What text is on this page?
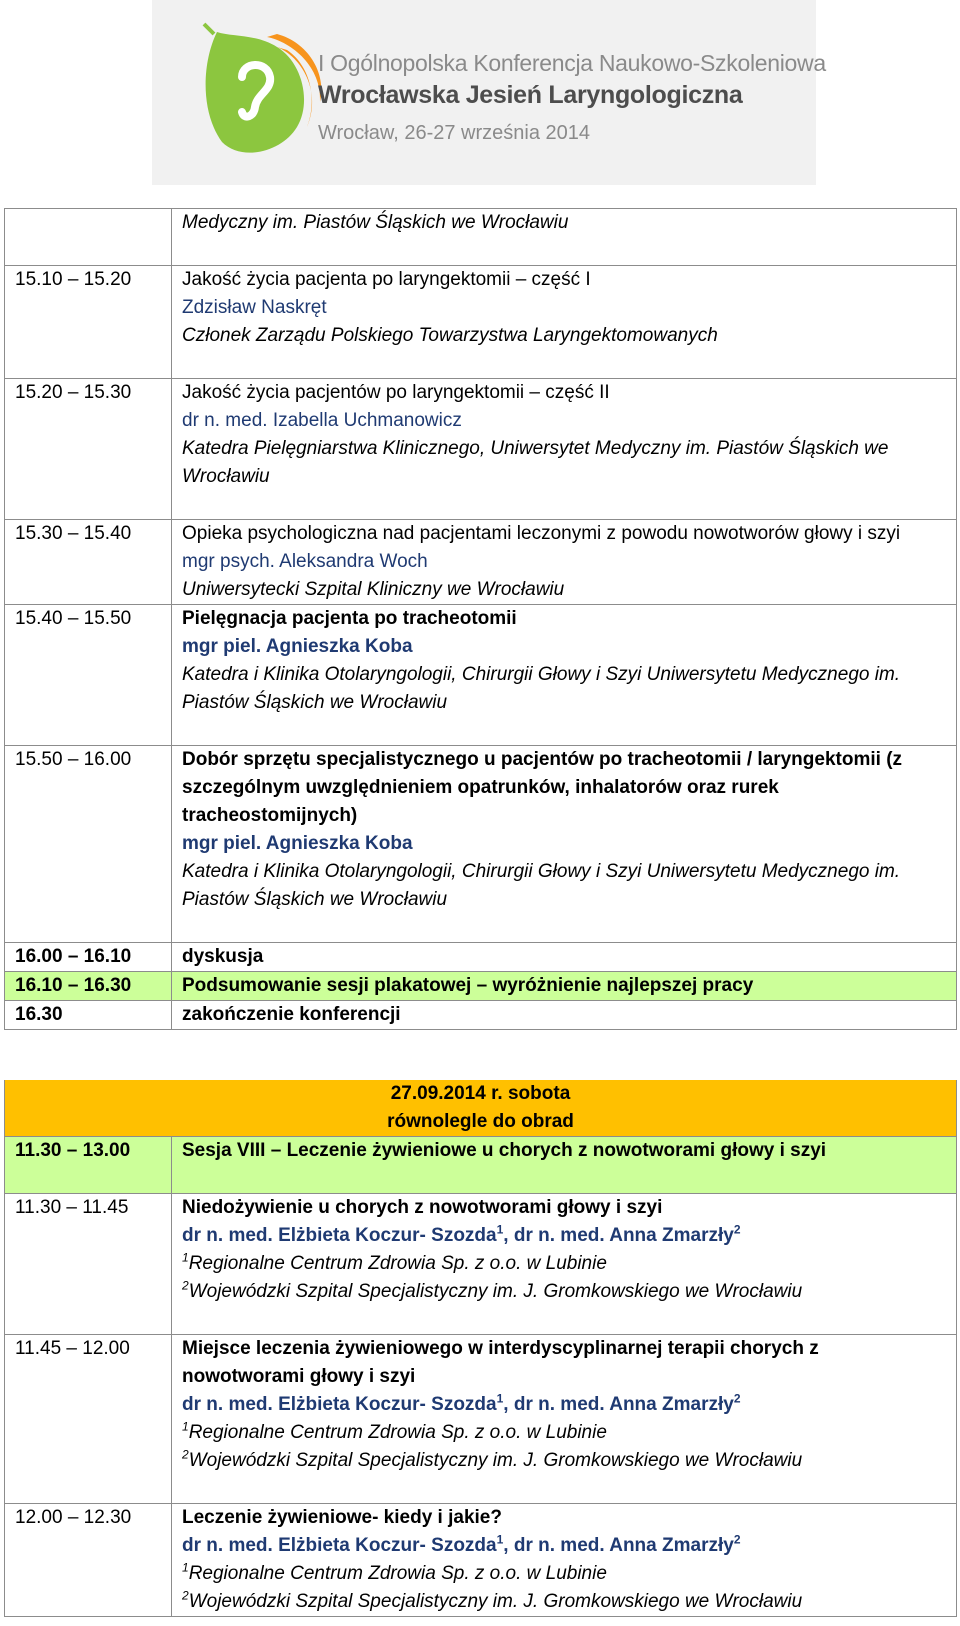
I Ogólnopolska Konferencja Naukowo-Szkoleniowa
Wrocławska Jesień Laryngologiczna
Wrocław, 26-27 września 2014

	Medyczny im. Piastów Śląskich we Wrocławiu

15.10 – 15.20	Jakość życia pacjenta po laryngektomii – część I
Zdzisław Naskręt
Członek Zarządu Polskiego Towarzystwa Laryngektomowanych

15.20 – 15.30	Jakość życia pacjentów po laryngektomii – część II
dr n. med. Izabella Uchmanowicz
Katedra Pielęgniarstwa Klinicznego, Uniwersytet Medyczny im. Piastów Śląskich we Wrocławiu

15.30 – 15.40	Opieka psychologiczna nad pacjentami leczonymi z powodu nowotworów głowy i szyi
mgr psych. Aleksandra Woch
Uniwersytecki Szpital Kliniczny we Wrocławiu

15.40 – 15.50	Pielęgnacja pacjenta po tracheotomii
mgr piel. Agnieszka Koba
Katedra i Klinika Otolaryngologii, Chirurgii Głowy i Szyi Uniwersytetu Medycznego im. Piastów Śląskich we Wrocławiu

15.50 – 16.00	Dobór sprzętu specjalistycznego u pacjentów po tracheotomii / laryngektomii (z szczególnym uwzględnieniem opatrunków, inhalatorów oraz rurek tracheostomijnych)
mgr piel. Agnieszka Koba
Katedra i Klinika Otolaryngologii, Chirurgii Głowy i Szyi Uniwersytetu Medycznego im. Piastów Śląskich we Wrocławiu

16.00 – 16.10	dyskusja
16.10 – 16.30	Podsumowanie sesji plakatowej – wyróżnienie najlepszej pracy
16.30	zakończenie konferencji
27.09.2014 r. sobota
równolegle do obrad	

11.30 – 13.00	Sesja VIII – Leczenie żywieniowe u chorych z nowotworami głowy i szyi
11.30 – 11.45	Niedożywienie u chorych z nowotworami głowy i szyi
dr n. med. Elżbieta Koczur- Szozda$^1$, dr n. med. Anna Zmarzły$^2$
$^1$Regionalne Centrum Zdrowia Sp. z o.o. w Lubinie
$^2$Wojewódzki Szpital Specjalistyczny im. J. Gromkowskiego we Wrocławiu

11.45 – 12.00	Miejsce leczenia żywieniowego w interdyscyplinarnej terapii chorych z nowotworami głowy i szyi
dr n. med. Elżbieta Koczur- Szozda$^1$, dr n. med. Anna Zmarzły$^2$
$^1$Regionalne Centrum Zdrowia Sp. z o.o. w Lubinie
$^2$Wojewódzki Szpital Specjalistyczny im. J. Gromkowskiego we Wrocławiu

12.00 – 12.30	Leczenie żywieniowe- kiedy i jakie?
dr n. med. Elżbieta Koczur- Szozda$^1$, dr n. med. Anna Zmarzły$^2$
$^1$Regionalne Centrum Zdrowia Sp. z o.o. w Lubinie
$^2$Wojewódzki Szpital Specjalistyczny im. J. Gromkowskiego we Wrocławiu
